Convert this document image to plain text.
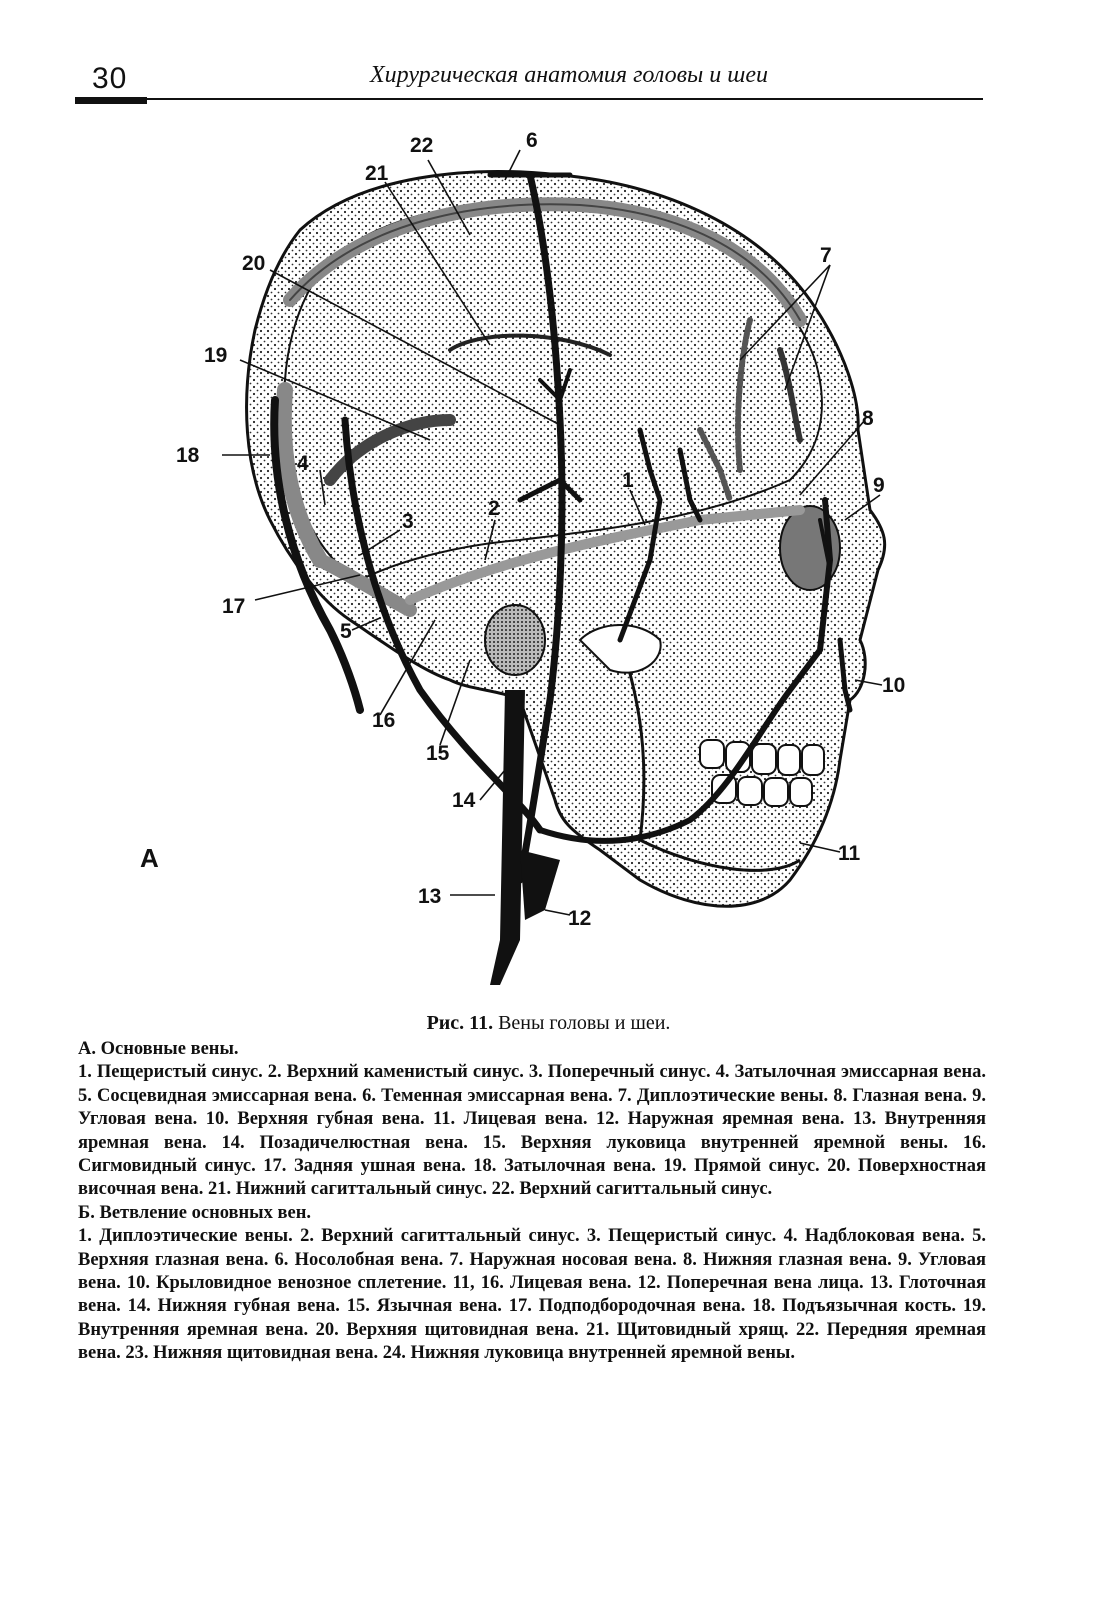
30	Хирургическая анатомия головы и шеи
1
2
3
4
5
6
7
8
9
10
11
12
13
14
15
16
17
18
19
20
21
22
А
Рис. 11. Вены головы и шеи.

А. Основные вены.

1. Пещеристый синус. 2. Верхний каменистый синус. 3. Поперечный синус. 4. Затылочная эмиссарная вена. 5. Сосцевидная эмиссарная вена. 6. Теменная эмиссарная вена. 7. Диплоэтические вены. 8. Глазная вена. 9. Угловая вена. 10. Верхняя губная вена. 11. Лицевая вена. 12. Наружная яремная вена. 13. Внутренняя яремная вена. 14. Позадичелюстная вена. 15. Верхняя луковица внутренней яремной вены. 16. Сигмовидный синус. 17. Задняя ушная вена. 18. Затылочная вена. 19. Прямой синус. 20. Поверхностная височная вена. 21. Нижний сагиттальный синус. 22. Верхний сагиттальный синус.

Б. Ветвление основных вен.

1. Диплоэтические вены. 2. Верхний сагиттальный синус. 3. Пещеристый синус. 4. Надблоковая вена. 5. Верхняя глазная вена. 6. Носолобная вена. 7. Наружная носовая вена. 8. Нижняя глазная вена. 9. Угловая вена. 10. Крыловидное венозное сплетение. 11, 16. Лицевая вена. 12. Поперечная вена лица. 13. Глоточная вена. 14. Нижняя губная вена. 15. Язычная вена. 17. Подподбородочная вена. 18. Подъязычная кость. 19. Внутренняя яремная вена. 20. Верхняя щитовидная вена. 21. Щитовидный хрящ. 22. Передняя яремная вена. 23. Нижняя щитовидная вена. 24. Нижняя луковица внутренней яремной вены.
